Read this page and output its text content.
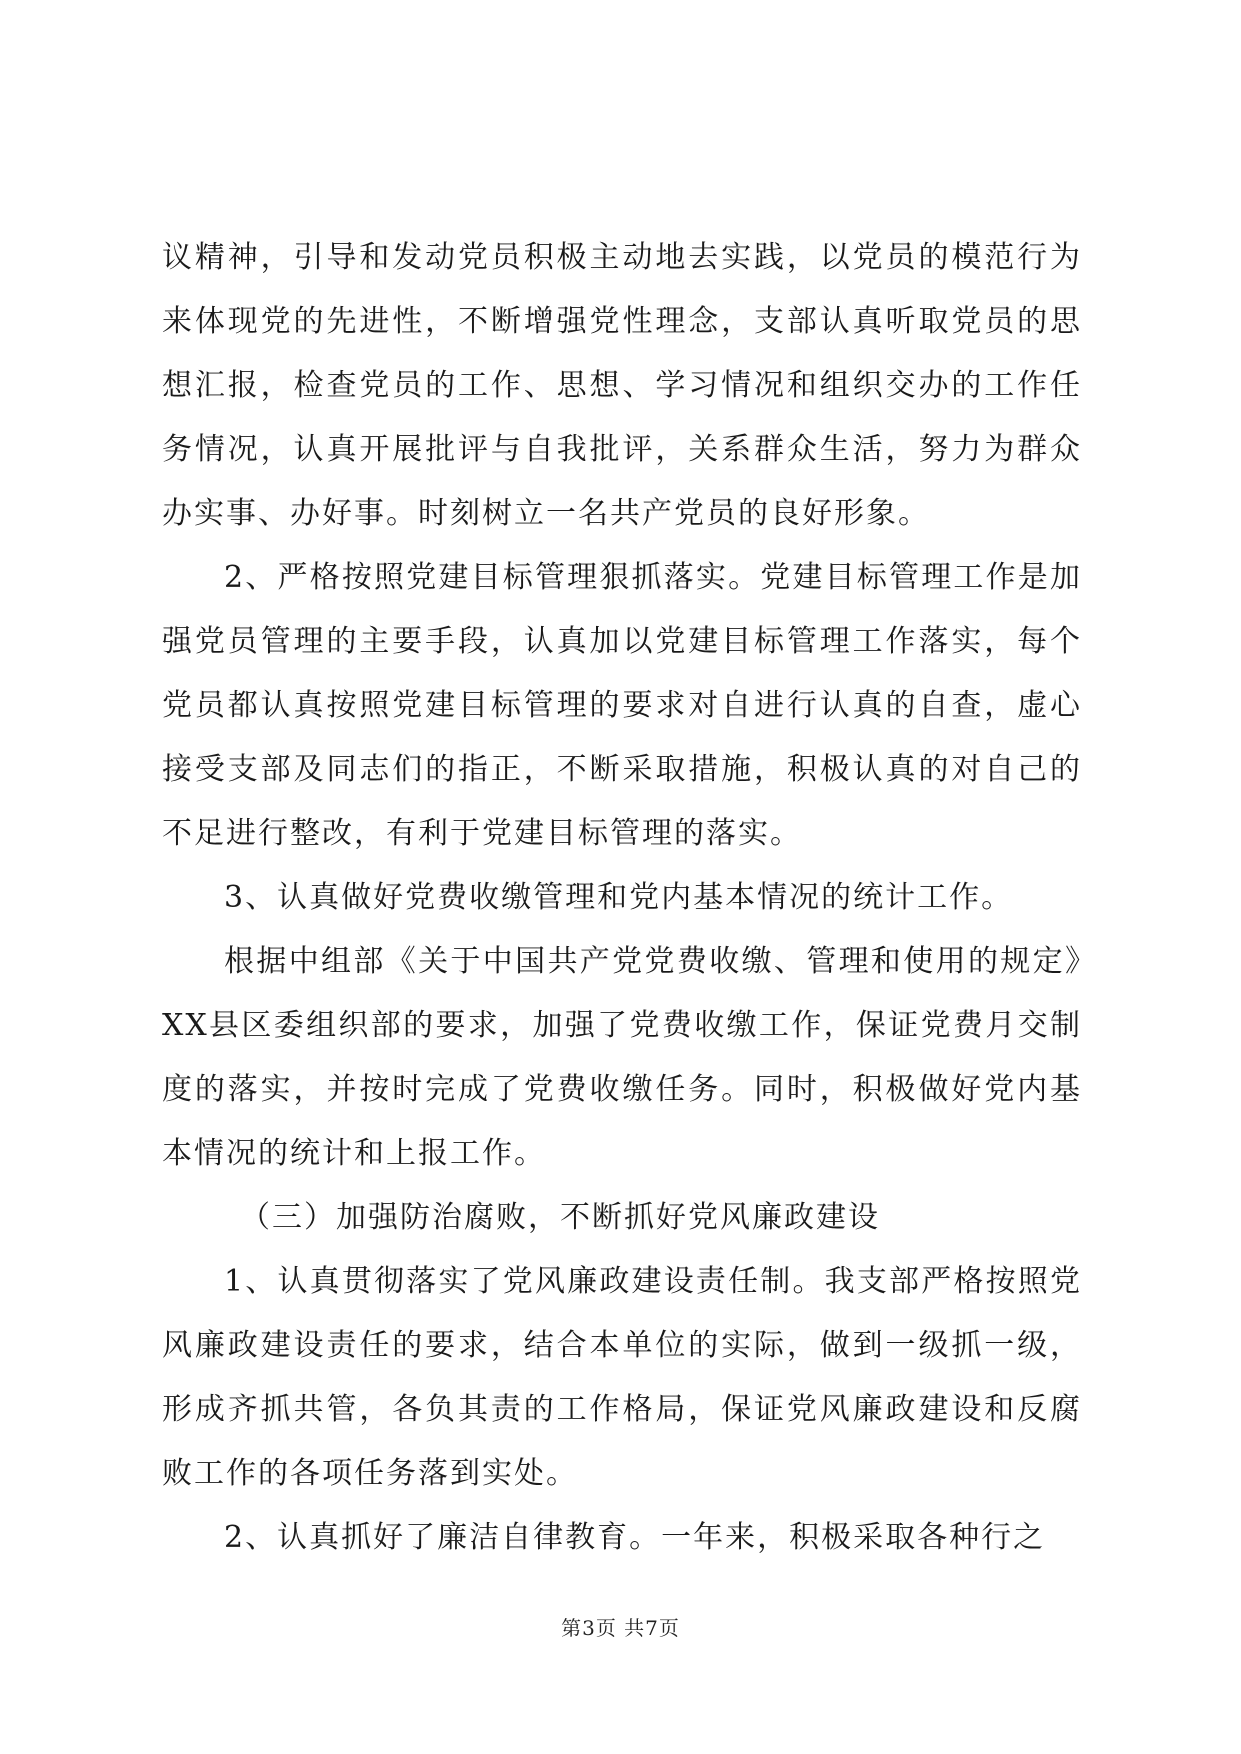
议精神，引导和发动党员积极主动地去实践，以党员的模范行为来体现党的先进性，不断增强党性理念，支部认真听取党员的思想汇报，检查党员的工作、思想、学习情况和组织交办的工作任务情况，认真开展批评与自我批评，关系群众生活，努力为群众办实事、办好事。时刻树立一名共产党员的良好形象。

2、严格按照党建目标管理狠抓落实。党建目标管理工作是加强党员管理的主要手段，认真加以党建目标管理工作落实，每个党员都认真按照党建目标管理的要求对自进行认真的自查，虚心接受支部及同志们的指正，不断采取措施，积极认真的对自己的不足进行整改，有利于党建目标管理的落实。

3、认真做好党费收缴管理和党内基本情况的统计工作。

根据中组部《关于中国共产党党费收缴、管理和使用的规定》XX县区委组织部的要求，加强了党费收缴工作，保证党费月交制度的落实，并按时完成了党费收缴任务。同时，积极做好党内基本情况的统计和上报工作。

（三）加强防治腐败，不断抓好党风廉政建设

1、认真贯彻落实了党风廉政建设责任制。我支部严格按照党风廉政建设责任的要求，结合本单位的实际，做到一级抓一级，形成齐抓共管，各负其责的工作格局，保证党风廉政建设和反腐败工作的各项任务落到实处。

2、认真抓好了廉洁自律教育。一年来，积极采取各种行之

第3页 共7页
